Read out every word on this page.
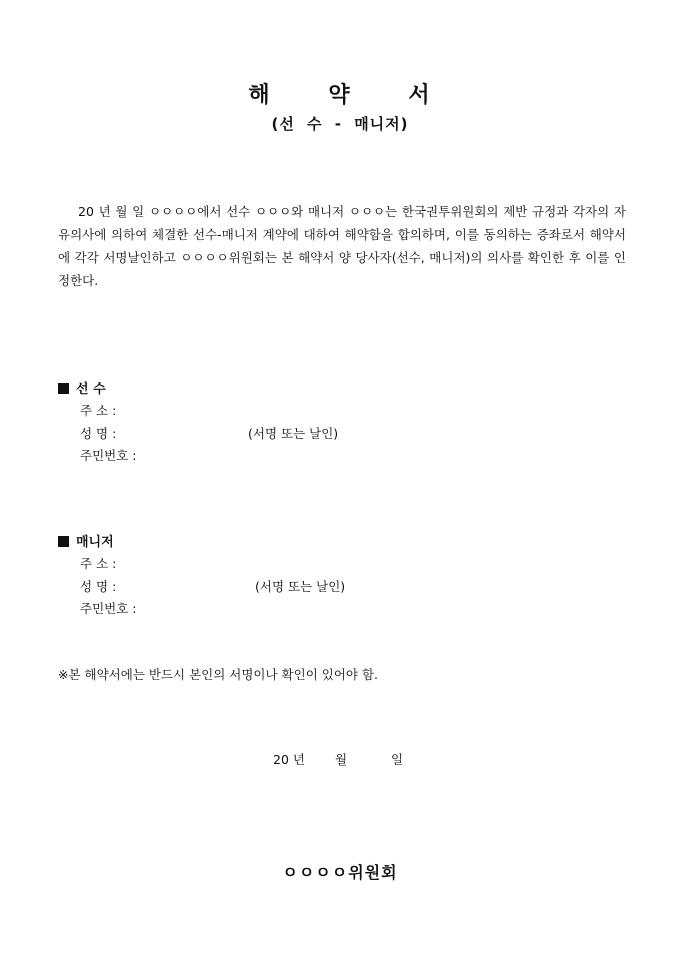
해	약	서
(선 수 - 매니저)
20 년 월 일 ㅇㅇㅇㅇ에서 선수 ㅇㅇㅇ와 매니저 ㅇㅇㅇ는 한국권투위원회의 제반 규정과 각자의 자유의사에 의하여 체결한 선수-매니저 계약에 대하여 해약함을 합의하며, 이를 동의하는 증좌로서 해약서에 각각 서명날인하고 ㅇㅇㅇㅇ위원회는 본 해약서 양 당사자(선수, 매니저)의 의사를 확인한 후 이를 인정한다.
선 수
주 소 :
성 명 :	(서명 또는 날인)
주민번호 :
매니저
주 소 :
성 명 :	(서명 또는 날인)
주민번호 :
※본 해약서에는 반드시 본인의 서명이나 확인이 있어야 함.
20 년 월	일
ㅇㅇㅇㅇ위원회
